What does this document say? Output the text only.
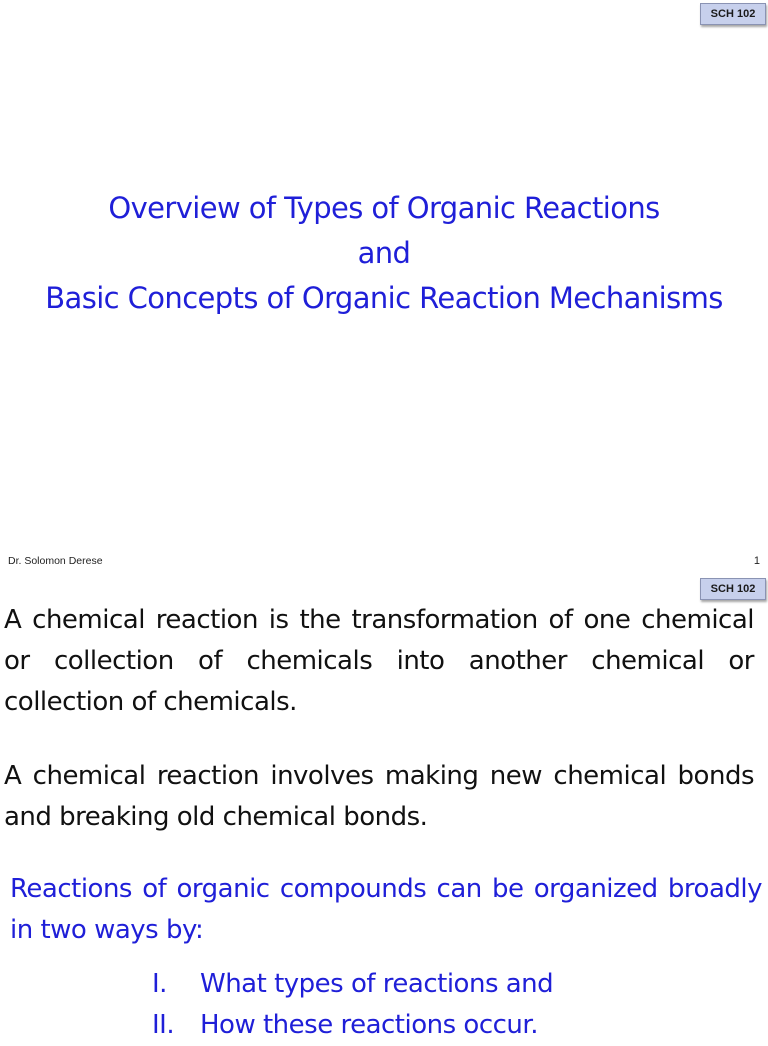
SCH 102
Overview of Types of Organic Reactions
and
Basic Concepts of Organic Reaction Mechanisms
Dr. Solomon Derese	1
SCH 102

A chemical reaction is the transformation of one chemical or collection of chemicals into another chemical or collection of chemicals.

A chemical reaction involves making new chemical bonds and breaking old chemical bonds.

Reactions of organic compounds can be organized broadly in two ways by:

I.	What types of reactions and
II. How these reactions occur.
